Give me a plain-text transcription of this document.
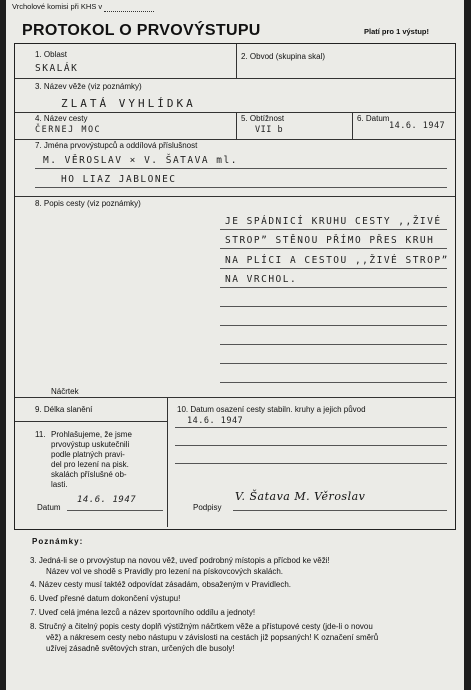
Vrcholové komisi při KHS v
PROTOKOL O PRVOVÝSTUPU	Platí pro 1 výstup!
1. Oblast
SKALÁK
2. Obvod (skupina skal)
3. Název věže (viz poznámky)
ZLATÁ VYHLÍDKA
4. Název cesty
ČERNEJ MOC
5. Obtížnost
VII b
6. Datum
14.6. 1947
7. Jména prvovýstupců a oddílová příslušnost
M. VĚROSLAV × V. ŠATAVA ml.
HO LIAZ JABLONEC
8. Popis cesty (viz poznámky)
JE SPÁDNICÍ KRUHU CESTY ,,ŽIVÉ
STROPˮ STĚNOU PŘÍMO PŘES KRUH
NA PLÍCI A CESTOU ,,ŽIVÉ STROPˮ
NA VRCHOL.
Náčrtek
9. Délka slanění	10. Datum osazení cesty stabiln. kruhy a jejich původ
14.6. 1947
11. Prohlašujeme, že jsme
prvovýstup uskutečnili
podle platných pravi-
del pro lezení na pisk.
skalách příslušné ob-
lasti.
Datum
14.6. 1947
Podpisy
V. Šatava M. Věroslav
Poznámky:
3. Jedná-li se o prvovýstup na novou věž, uveď podrobný místopis a přícbod ke věži!
Název vol ve shodě s Pravidly pro lezení na pískovcových skalách.
4. Název cesty musí taktéž odpovídat zásadám, obsaženým v Pravidlech.
6. Uveď přesné datum dokončení výstupu!
7. Uveď celá jména lezců a název sportovního oddílu a jednoty!
8. Stručný a čitelný popis cesty doplň výstižným náčrtkem věže a přístupové cesty (jde-li o novou
věž) a nákresem cesty nebo nástupu v závislosti na cestách již popsaných! K označení směrů
užívej zásadně světových stran, určených dle busoly!
